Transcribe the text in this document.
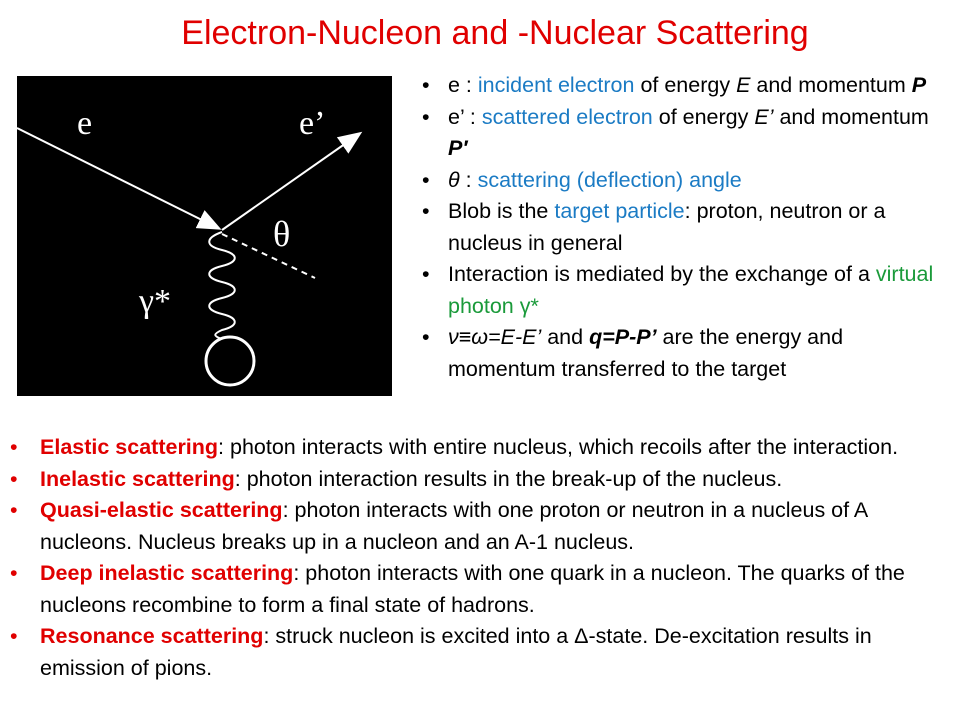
Electron-Nucleon and -Nuclear Scattering
e	e’
θ
γ*
• e : incident electron of energy E and momentum P
• e’ : scattered electron of energy E’ and momentum P′
• θ : scattering (deflection) angle
• Blob is the target particle: proton, neutron or a nucleus in general
• Interaction is mediated by the exchange of a virtual photon γ*
• ν≡ω=E-E’ and q=P-P’ are the energy and momentum transferred to the target
• Elastic scattering: photon interacts with entire nucleus, which recoils after the interaction.
• Inelastic scattering: photon interaction results in the break-up of the nucleus.
• Quasi-elastic scattering: photon interacts with one proton or neutron in a nucleus of A nucleons. Nucleus breaks up in a nucleon and an A-1 nucleus.
• Deep inelastic scattering: photon interacts with one quark in a nucleon. The quarks of the nucleons recombine to form a final state of hadrons.
• Resonance scattering: struck nucleon is excited into a Δ-state. De-excitation results in emission of pions.
